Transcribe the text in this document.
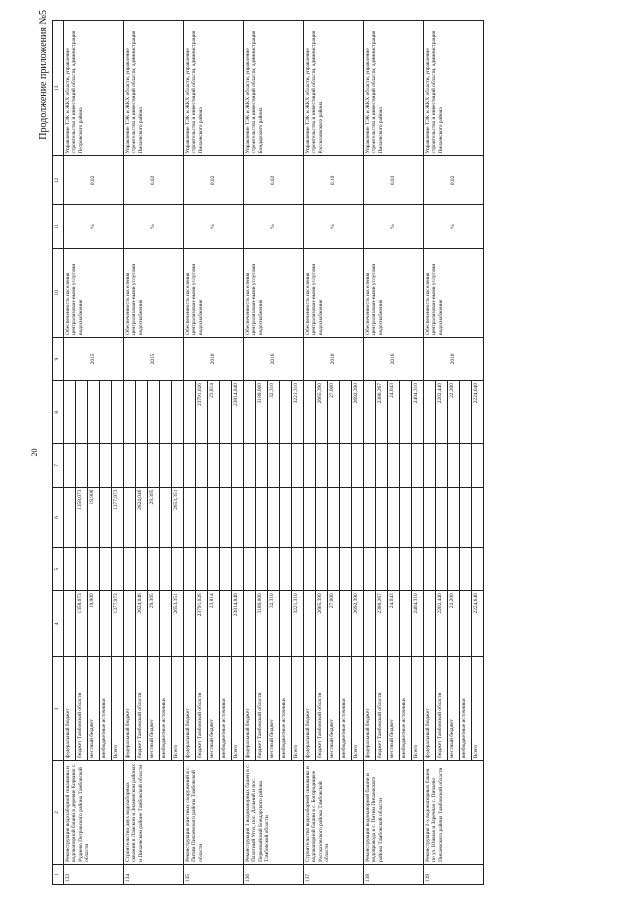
20
Продолжение приложения №5
1	2	3	4	5	6	7	8	9	10	11	12	13
133	Реконструкция водозаборной скважины и водонапорной башни в деревне Коркино с. Руднево Петровского района Тамбовской области	федеральный бюджет						2015	Обеспеченность населения централизован-ными услугами водоснабжения	%	0,02	Управление ТЭК и ЖКХ области, управление строительства и инвестиций области, администрация Петровского района
		бюджет Тамбовской области	1358,073		1358,073							
		местный бюджет	19,900		19,900							
		внебюджетные источники										
		Всего	1377,973		1377,973							
134	Строительство двух водозаборных скважин в Ламском и Знаменском районах и Пичаевском районе Тамбовской области	федеральный бюджет						2015	Обеспеченность населения централизован-ными услугами водоснабжения	%	0,02	Управление ТЭК и ЖКХ области, управление строительства и инвестиций области, администрация Пичаевского района
		бюджет Тамбовской области	2624,046		2624,046							
		местный бюджет	29,305		29,305							
		внебюджетные источники										
		Всего	2653,351		2653,351							
135	Реконструкция очистных сооружений в с. Питим Пичаевского района Тамбовской области	федеральный бюджет						2016	Обеспеченность населения централизован-ными услугами водоснабжения	%	0,02	Управление ТЭК и ЖКХ области, управление строительства и инвестиций области, администрация Пичаевского района
		бюджет Тамбовской области	23791,026				23791,026					
		местный бюджет	23,814				23,814					
		внебюджетные источники										
		Всего	23814,840				23814,840					
136	Реконструкция 3 водонапорных башен в с. Пахотный Угол, пос. Дальний и пос. Первомайский Бондарского района Тамбовской области	федеральный бюджет						2016	Обеспеченность населения централизован-ными услугами водоснабжения	%	0,02	Управление ТЭК и ЖКХ области, управление строительства и инвестиций области, администрация Бондарского района
		бюджет Тамбовской области	3189,000				3189,000					
		местный бюджет	32,310				32,310					
		внебюджетные источники										
		Всего	3221,310				3221,310					
137	Строительство водозаборной скважины и водонапорной башни в с. Богородицкое Рассказовского района Тамбовской области	федеральный бюджет						2016	Обеспеченность населения централизован-ными услугами водоснабжения	%	0,10	Управление ТЭК и ЖКХ области, управление строительства и инвестиций области, администрация Рассказовского района
		бюджет Тамбовской области	2665,390				2665,390					
		местный бюджет	27,000				27,000					
		внебюджетные источники										
		Всего	2692,390				2692,390					
138	Реконструкция водонапорной башни и водопровода в с. Питим Пичаевского района Тамбовской области	федеральный бюджет						2016	Обеспеченность населения централизован-ными услугами водоснабжения	%	0,03	Управление ТЭК и ЖКХ области, управление строительства и инвестиций области, администрация Пичаевского района
		бюджет Тамбовской области	2380,267				2380,267					
		местный бюджет	24,043				24,043					
		внебюджетные источники										
		Всего	2404,310				2404,310					
139	Реконструкция 2-х водонапорных башен по ул. Южная и Заречная с. Пичаево Пичаевского района Тамбовской области	федеральный бюджет						2016	Обеспеченность населения централизован-ными услугами водоснабжения	%	0,02	Управление ТЭК и ЖКХ области, управление строительства и инвестиций области, администрация Пичаевского района
		бюджет Тамбовской области	2202,440				2202,440					
		местный бюджет	22,200				22,200					
		внебюджетные источники										
		Всего	2224,640				2224,640					
